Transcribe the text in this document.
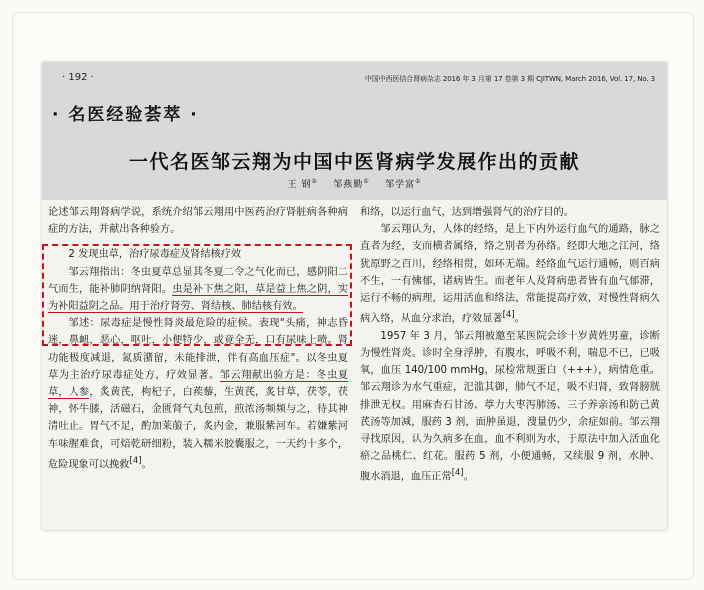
· 192 ·	中国中西医结合肾病杂志 2016 年 3 月第 17 卷第 3 期 CJITWN, March 2016, Vol. 17, No. 3
· 名医经验荟萃 ·
一代名医邹云翔为中国中医肾病学发展作出的贡献
王 钢② 邹燕勤① 邹学富①

论述邹云翔肾病学说，系统介绍邹云翔用中医药治疗肾脏病各种病症的方法，并献出各种验方。

2 发现虫草，治疗尿毒症及肾结核疗效

邹云翔指出：冬虫夏草总显其冬夏二令之气化而已，感阴阳二气而生，能补肺阴纳肾阳。虫是补下焦之阳，草是益上焦之阴，实为补阳益阴之品。用于治疗肾劳、肾结核、肺结核有效。

邹述：尿毒症是慢性肾炎最危险的症候。表现"头痛，神志昏迷，鼻衄，恶心，呕吐，小便特少，或竟全无，口有尿味上喷。肾功能极度减退，氮质潴留，未能排泄，伴有高血压症"。以冬虫夏草为主治疗尿毒症处方，疗效显著。邹云翔献出验方是：冬虫夏草，人参，炙黄芪，枸杞子，白蒺藜，生黄芪，炙甘草，茯苓，茯神，怀牛膝，活磁石，金匮肾气丸包煎，煎浓汤频频与之，待其神清吐止。胃气不足，酌加莱菔子，炙内金，兼服紫河车。若嫌紫河车味腥难食，可焙乾研细粉，装入糯米胶囊服之，一天约十多个，危险现象可以挽救[4]。

和络，以运行血气，达到增强肾气的治疗目的。

邹云翔认为，人体的经络，是上下内外运行血气的通路，脉之直者为经，支而横者属络，络之别者为孙络。经即大地之江河，络犹原野之百川，经络相贯，如环无端。经络血气运行通畅，则百病不生，一有怫郁，诸病皆生。而老年人及肾病患者皆有血气郁滞，运行不畅的病理，运用活血和络法，常能提高疗效，对慢性肾病久病入络，从血分求治，疗效显著[4]。

1957 年 3 月，邹云翔被邀至某医院会诊十岁黄姓男童，诊断为慢性肾炎。诊时全身浮肿，有腹水，呼吸不利，喘息不已，已吸氧，血压 140/100 mmHg，尿检常规蛋白（+++），病情危重。邹云翔诊为水气重症，汜滥其御，肺气不足，吸不归肾，致肾膀胱排泄无权。用麻杏石甘汤、葶力大枣泻肺汤、三子养亲汤和防己黄芪汤等加减，服药 3 剂，面肿虽退，溲量仍少，余症如前。邹云翔寻找原因，认为久病多在血，血不利则为水，于原法中加入活血化瘀之品桃仁、红花。服药 5 剂，小便通畅，又续服 9 剂，水肿、腹水消退，血压正常[4]。
